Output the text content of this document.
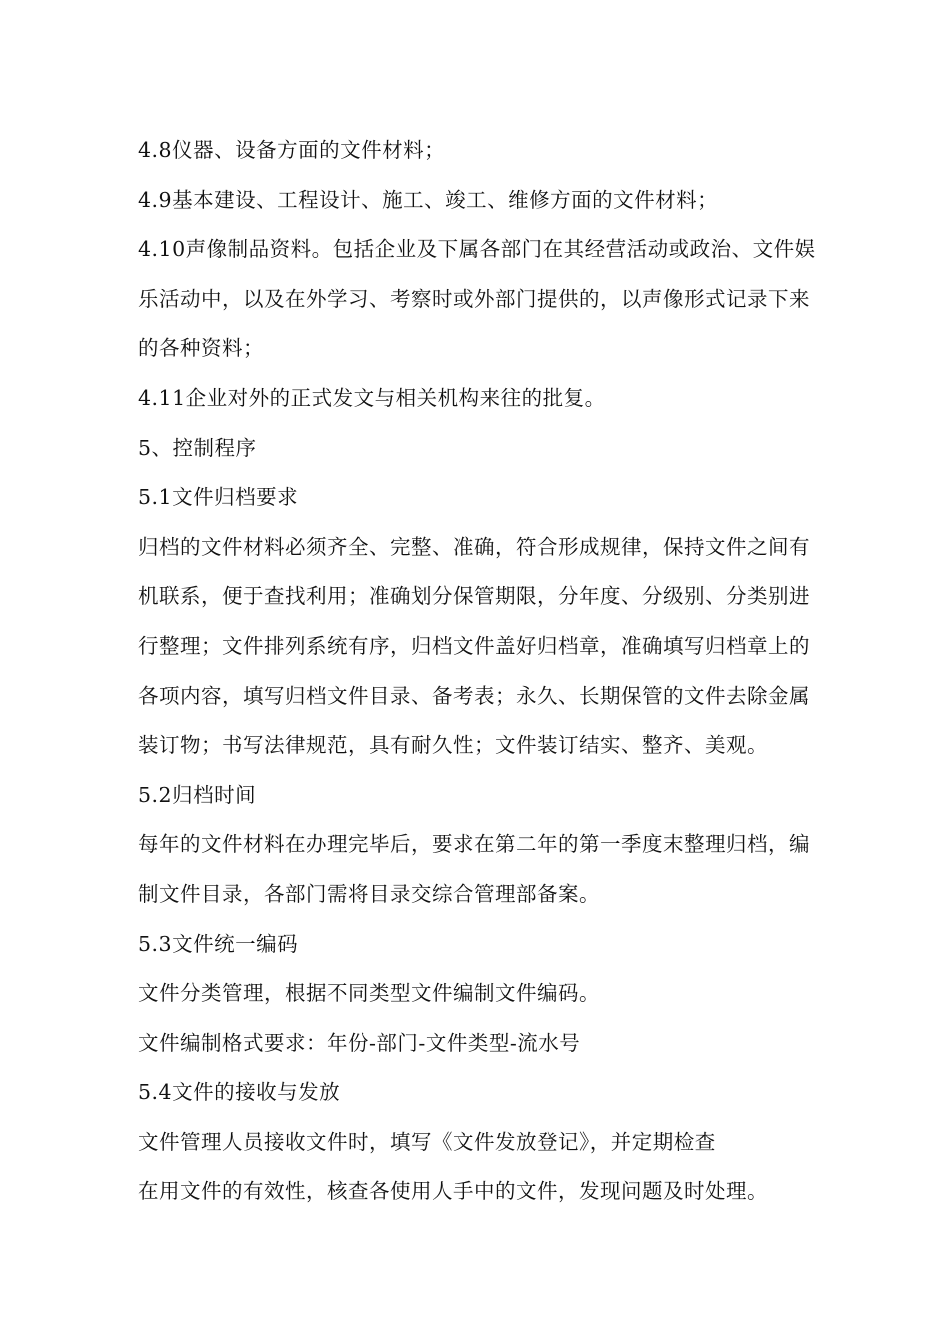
4.8仪器、设备方面的文件材料；
4.9基本建设、工程设计、施工、竣工、维修方面的文件材料；
4.10声像制品资料。包括企业及下属各部门在其经营活动或政治、文件娱
乐活动中，以及在外学习、考察时或外部门提供的，以声像形式记录下来
的各种资料；
4.11企业对外的正式发文与相关机构来往的批复。
5、控制程序
5.1文件归档要求
归档的文件材料必须齐全、完整、准确，符合形成规律，保持文件之间有
机联系，便于查找利用；准确划分保管期限，分年度、分级别、分类别进
行整理；文件排列系统有序，归档文件盖好归档章，准确填写归档章上的
各项内容，填写归档文件目录、备考表；永久、长期保管的文件去除金属
装订物；书写法律规范，具有耐久性；文件装订结实、整齐、美观。
5.2归档时间
每年的文件材料在办理完毕后，要求在第二年的第一季度末整理归档，编
制文件目录，各部门需将目录交综合管理部备案。
5.3文件统一编码
文件分类管理，根据不同类型文件编制文件编码。
文件编制格式要求：年份-部门-文件类型-流水号
5.4文件的接收与发放
文件管理人员接收文件时，填写《文件发放登记》，并定期检查
在用文件的有效性，核查各使用人手中的文件，发现问题及时处理。
